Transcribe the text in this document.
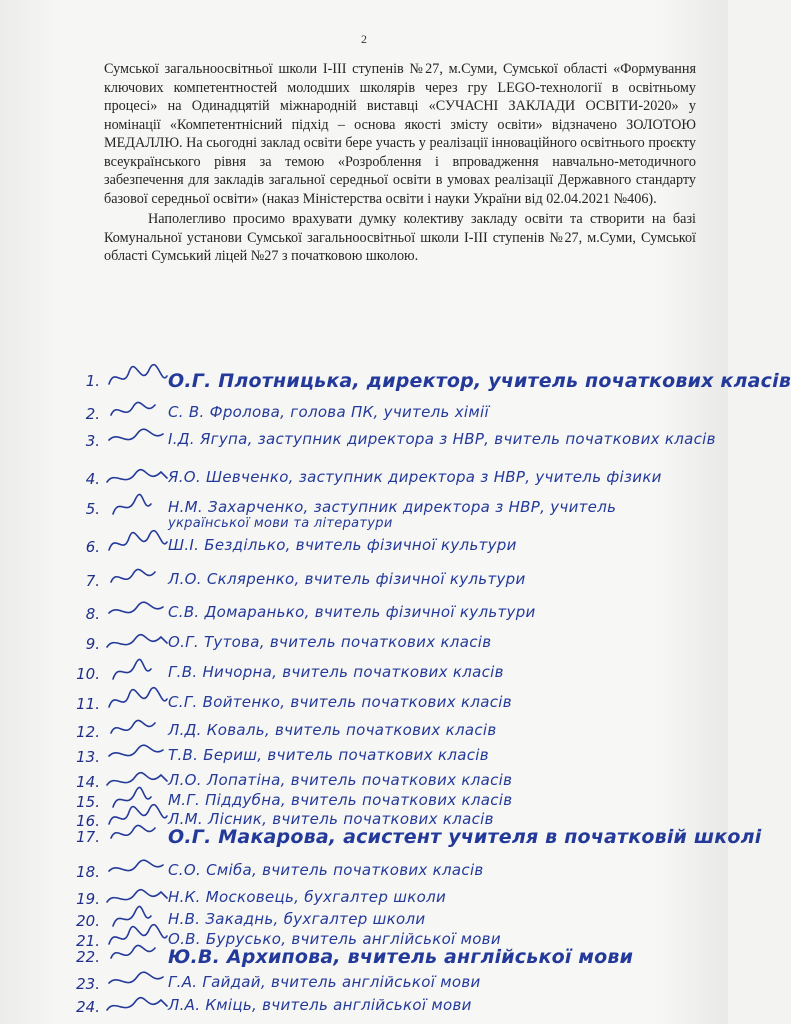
2

Сумської загальноосвітньої школи І-ІІІ ступенів №27, м.Суми, Сумської області «Формування ключових компетентностей молодших школярів через гру LEGO-технології в освітньому процесі» на Одинадцятій міжнародній виставці «СУЧАСНІ ЗАКЛАДИ ОСВІТИ-2020» у номінації «Компетентнісний підхід – основа якості змісту освіти» відзначено ЗОЛОТОЮ МЕДАЛЛЮ. На сьогодні заклад освіти бере участь у реалізації інноваційного освітнього проєкту всеукраїнського рівня за темою «Розроблення і впровадження навчально-методичного забезпечення для закладів загальної середньої освіти в умовах реалізації Державного стандарту базової середньої освіти» (наказ Міністерства освіти і науки України від 02.04.2021 №406).

Наполегливо просимо врахувати думку колективу закладу освіти та створити на базі Комунальної установи Сумської загальноосвітньої школи І-ІІІ ступенів №27, м.Суми, Сумської області Сумський ліцей №27 з початковою школою.

1.	О.Г. Плотницька, директор, учитель початкових класів
2.	С. В. Фролова, голова ПК, учитель хімії
3.	І.Д. Ягупа, заступник директора з НВР, вчитель початкових класів
4.	Я.О. Шевченко, заступник директора з НВР, учитель фізики
5.	Н.М. Захарченко, заступник директора з НВР, учитель
української мови та літератури
6.	Ш.І. Безділько, вчитель фізичної культури
7.	Л.О. Скляренко, вчитель фізичної культури
8.	С.В. Домаранько, вчитель фізичної культури
9.	О.Г. Тутова, вчитель початкових класів
10.	Г.В. Ничорна, вчитель початкових класів
11.	С.Г. Войтенко, вчитель початкових класів
12.	Л.Д. Коваль, вчитель початкових класів
13.	Т.В. Бериш, вчитель початкових класів
14.	Л.О. Лопатіна, вчитель початкових класів
15.	М.Г. Піддубна, вчитель початкових класів
16.	Л.М. Лісник, вчитель початкових класів
17.	О.Г. Макарова, асистент учителя в початковій школі
18.	С.О. Сміба, вчитель початкових класів
19.	Н.К. Московець, бухгалтер школи
20.	Н.В. Закаднь, бухгалтер школи
21.	О.В. Бурусько, вчитель англійської мови
22.	Ю.В. Архипова, вчитель англійської мови
23.	Г.А. Гайдай, вчитель англійської мови
24.	Л.А. Кміць, вчитель англійської мови
